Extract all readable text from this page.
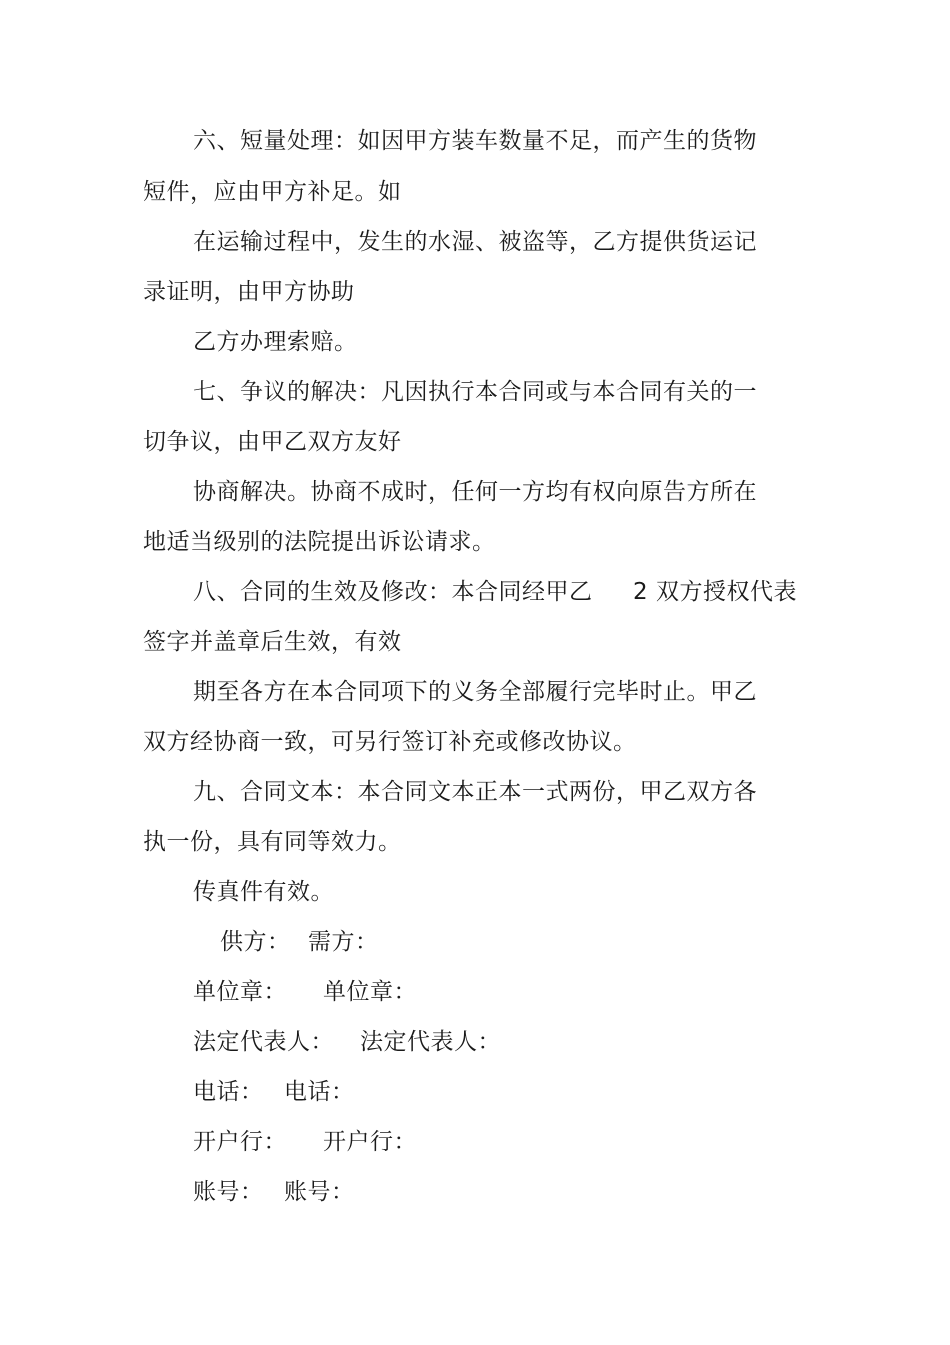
六、短量处理：如因甲方装车数量不足，而产生的货物
短件，应由甲方补足。如
在运输过程中，发生的水湿、被盗等，乙方提供货运记
录证明，由甲方协助
乙方办理索赔。
七、争议的解决：凡因执行本合同或与本合同有关的一
切争议，由甲乙双方友好
协商解决。协商不成时，任何一方均有权向原告方所在
地适当级别的法院提出诉讼请求。
八、合同的生效及修改：本合同经甲乙 2 双方授权代表
签字并盖章后生效，有效
期至各方在本合同项下的义务全部履行完毕时止。甲乙
双方经协商一致，可另行签订补充或修改协议。
九、合同文本：本合同文本正本一式两份，甲乙双方各
执一份，具有同等效力。
传真件有效。
供方： 需方：
单位章： 单位章：
法定代表人： 法定代表人：
电话： 电话：
开户行： 开户行：
账号： 账号：
